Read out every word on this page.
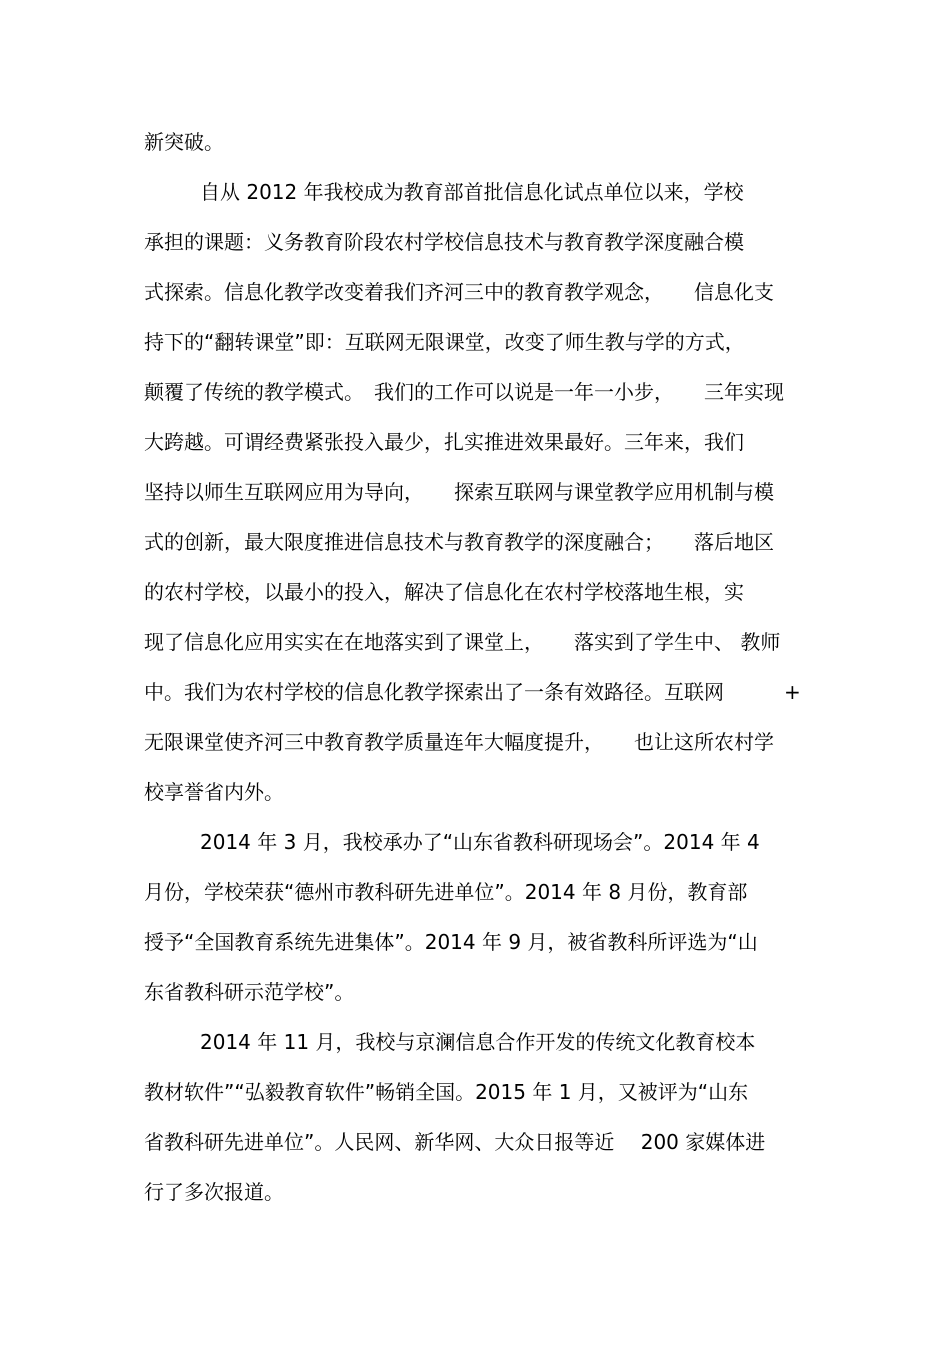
新突破。

自从 2012 年我校成为教育部首批信息化试点单位以来，学校

承担的课题：义务教育阶段农村学校信息技术与教育教学深度融合模

式探索。信息化教学改变着我们齐河三中的教育教学观念，　　信息化支

持下的“翻转课堂”即：互联网无限课堂，改变了师生教与学的方式，

颠覆了传统的教学模式。　我们的工作可以说是一年一小步，　　三年实现

大跨越。可谓经费紧张投入最少，扎实推进效果最好。三年来，我们

坚持以师生互联网应用为导向，　　探索互联网与课堂教学应用机制与模

式的创新，最大限度推进信息技术与教育教学的深度融合；　　落后地区

的农村学校，以最小的投入，解决了信息化在农村学校落地生根，实

现了信息化应用实实在在地落实到了课堂上，　　落实到了学生中、 教师

中。我们为农村学校的信息化教学探索出了一条有效路径。互联网　　　+

无限课堂使齐河三中教育教学质量连年大幅度提升，　　也让这所农村学

校享誉省内外。

2014 年 3 月，我校承办了“山东省教科研现场会”。2014 年 4

月份，学校荣获“德州市教科研先进单位”。2014 年 8 月份，教育部

授予“全国教育系统先进集体”。2014 年 9 月，被省教科所评选为“山

东省教科研示范学校”。

2014 年 11 月，我校与京澜信息合作开发的传统文化教育校本

教材软件”“弘毅教育软件”畅销全国。2015 年 1 月，又被评为“山东

省教科研先进单位”。人民网、新华网、大众日报等近　 200 家媒体进

行了多次报道。
